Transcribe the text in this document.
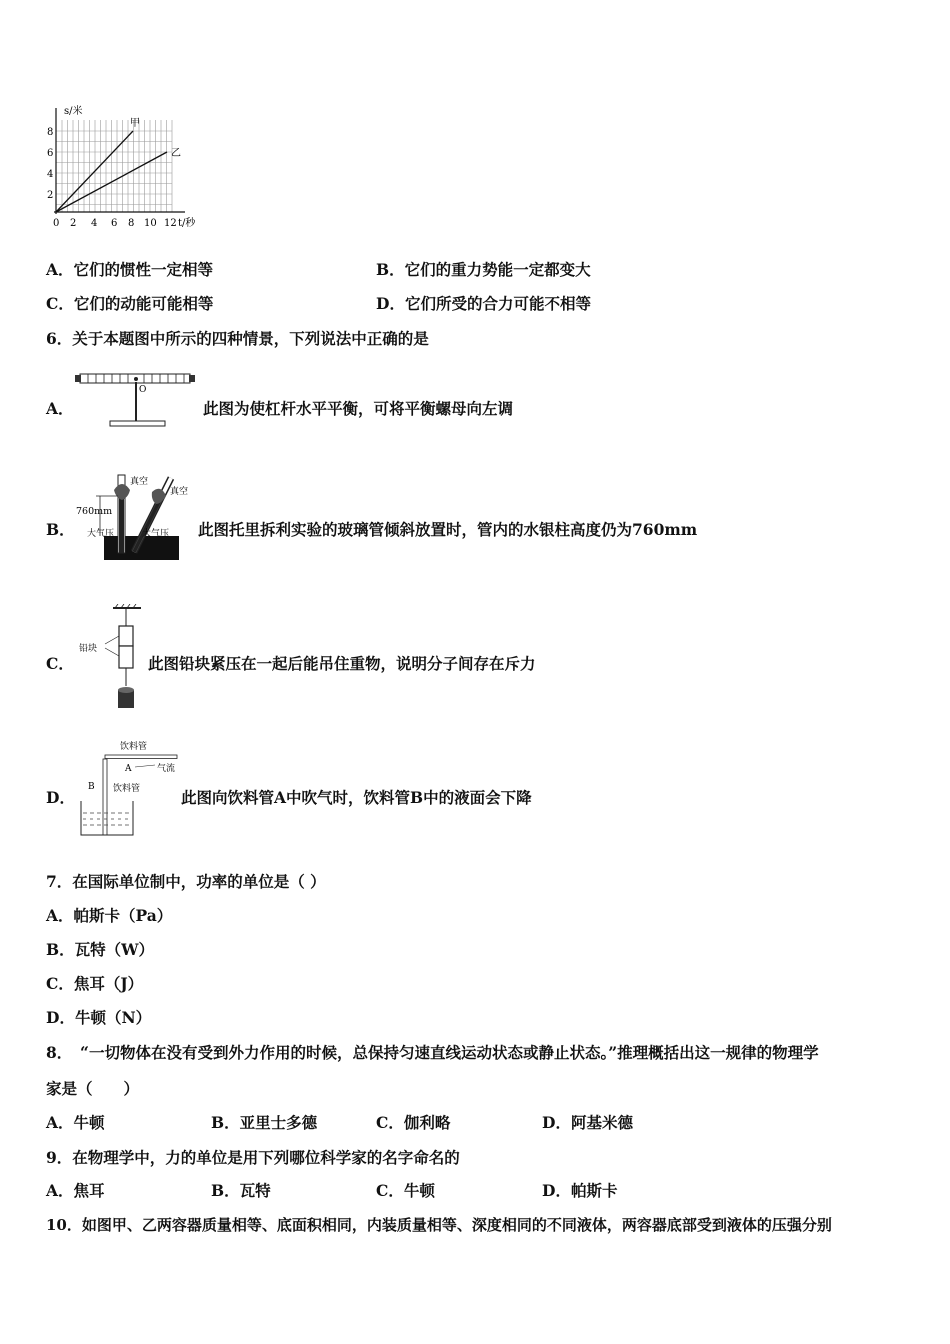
s/米
t/秒
甲
乙
8
6
4
2
0 2 4 6 8 10 12
A．它们的惯性一定相等	B．它们的重力势能一定都变大
C．它们的动能可能相等	D．它们所受的合力可能不相等
6．关于本题图中所示的四种情景，下列说法中正确的是
A．
O
此图为使杠杆水平平衡，可将平衡螺母向左调
B．
760mm
真空
真空
大气压	大气压 此图托里拆利实验的玻璃管倾斜放置时，管内的水银柱高度仍为760mm
C．
铅块
此图铅块紧压在一起后能吊住重物，说明分子间存在斥力
D．
饮料管
A	气流
B 饮料管	此图向饮料管A中吹气时，饮料管B中的液面会下降
7．在国际单位制中，功率的单位是（ ）
A．帕斯卡（Pa）
B．瓦特（W）
C．焦耳（J）
D．牛顿（N）
8．　“一切物体在没有受到外力作用的时候，总保持匀速直线运动状态或静止状态。”推理概括出这一规律的物理学
家是（　　）
A．牛顿	B．亚里士多德	C．伽利略	D．阿基米德
9．在物理学中，力的单位是用下列哪位科学家的名字命名的
A．焦耳	B．瓦特	C．牛顿	D．帕斯卡
10．如图甲、乙两容器质量相等、底面积相同，内装质量相等、深度相同的不同液体，两容器底部受到液体的压强分别
